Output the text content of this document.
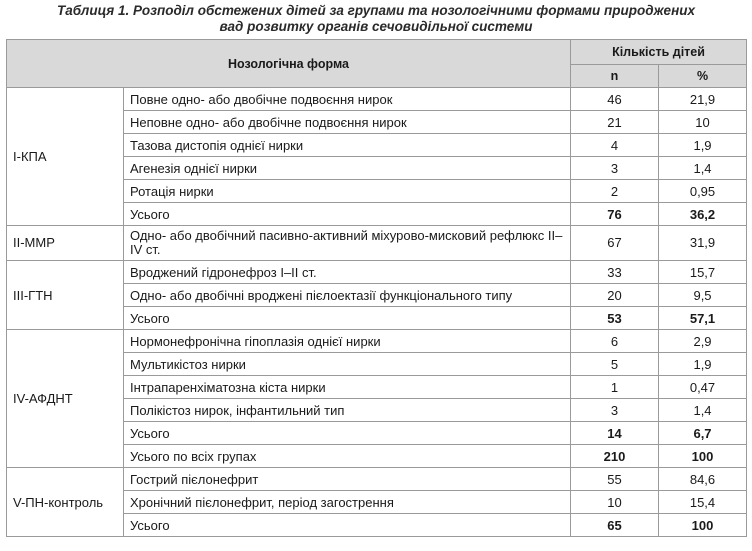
Таблиця 1. Розподіл обстежених дітей за групами та нозологічними формами природжених
вад розвитку органів сечовидільної системи
Нозологічна форма		Кількість дітей	
		n	%
I-КПА	Повне одно- або двобічне подвоєння нирок	46	21,9
	Неповне одно- або двобічне подвоєння нирок	21	10
	Тазова дистопія однієї нирки	4	1,9
	Агенезія однієї нирки	3	1,4
	Ротація нирки	2	0,95
	Усього	76	36,2
II-ММР	Одно- або двобічний пасивно-активний міхурово-мисковий рефлюкс II–IV ст.	67	31,9
III-ГТН	Вроджений гідронефроз I–II ст.	33	15,7
	Одно- або двобічні вроджені пієлоектазії функціонального типу	20	9,5
	Усього	53	57,1
IV-АФДНТ	Нормонефронічна гіпоплазія однієї нирки	6	2,9
	Мультикістоз нирки	5	1,9
	Інтрапаренхіматозна кіста нирки	1	0,47
	Полікістоз нирок, інфантильний тип	3	1,4
	Усього	14	6,7
	Усього по всіх групах	210	100
V-ПН-контроль	Гострий пієлонефрит	55	84,6
	Хронічний пієлонефрит, період загострення	10	15,4
	Усього	65	100
